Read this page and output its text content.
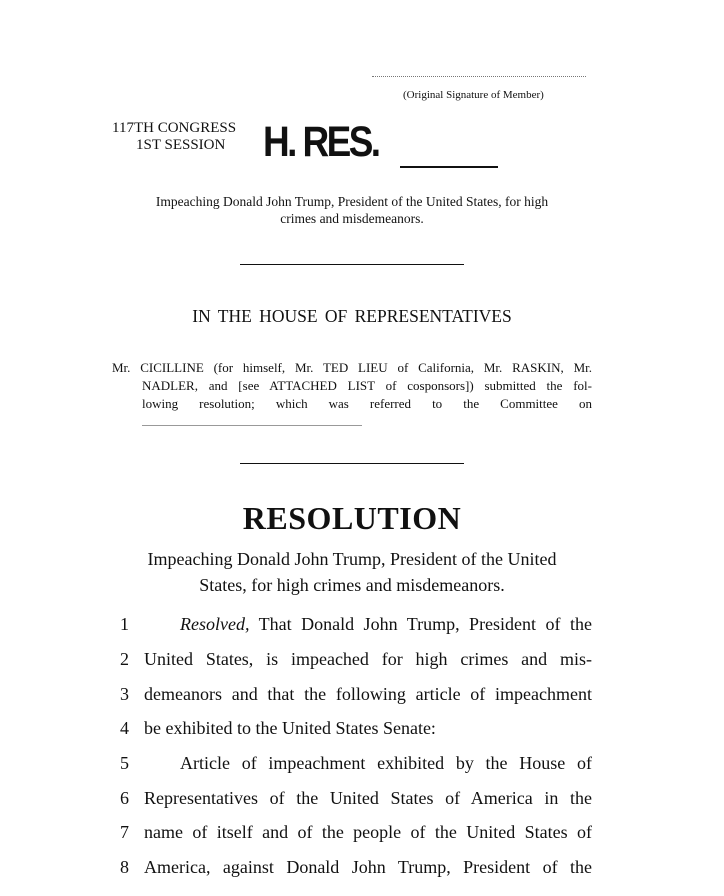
(Original Signature of Member)
117TH CONGRESS
1ST SESSION H. RES.
Impeaching Donald John Trump, President of the United States, for high
crimes and misdemeanors.
IN THE HOUSE OF REPRESENTATIVES
Mr. CICILLINE (for himself, Mr. TED LIEU of California, Mr. RASKIN, Mr.
NADLER, and [see ATTACHED LIST of cosponsors]) submitted the fol-
lowing resolution; which was referred to the Committee on
RESOLUTION
Impeaching Donald John Trump, President of the United
States, for high crimes and misdemeanors.
1	Resolved, That Donald John Trump, President of the
2 United States, is impeached for high crimes and mis-
3 demeanors and that the following article of impeachment
4 be exhibited to the United States Senate:
5	Article of impeachment exhibited by the House of
6 Representatives of the United States of America in the
7 name of itself and of the people of the United States of
8 America, against Donald John Trump, President of the
